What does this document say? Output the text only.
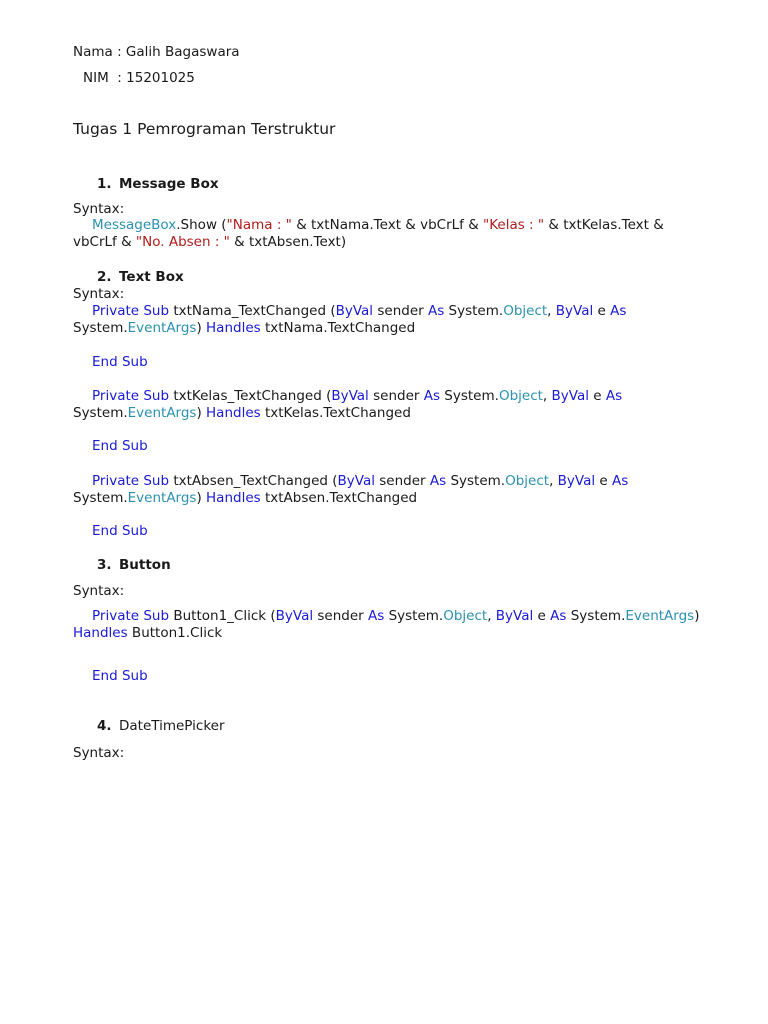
Nama : Galih Bagaswara
NIM  : 15201025
Tugas 1 Pemrograman Terstruktur
1. Message Box
Syntax:
MessageBox.Show ("Nama : " & txtNama.Text & vbCrLf & "Kelas : " & txtKelas.Text &
vbCrLf & "No. Absen : " & txtAbsen.Text)
2. Text Box
Syntax:
Private Sub txtNama_TextChanged (ByVal sender As System.Object, ByVal e As
System.EventArgs) Handles txtNama.TextChanged
End Sub
Private Sub txtKelas_TextChanged (ByVal sender As System.Object, ByVal e As
System.EventArgs) Handles txtKelas.TextChanged
End Sub
Private Sub txtAbsen_TextChanged (ByVal sender As System.Object, ByVal e As
System.EventArgs) Handles txtAbsen.TextChanged
End Sub
3. Button
Syntax:
Private Sub Button1_Click (ByVal sender As System.Object, ByVal e As System.EventArgs)
Handles Button1.Click
End Sub
4. DateTimePicker
Syntax:
